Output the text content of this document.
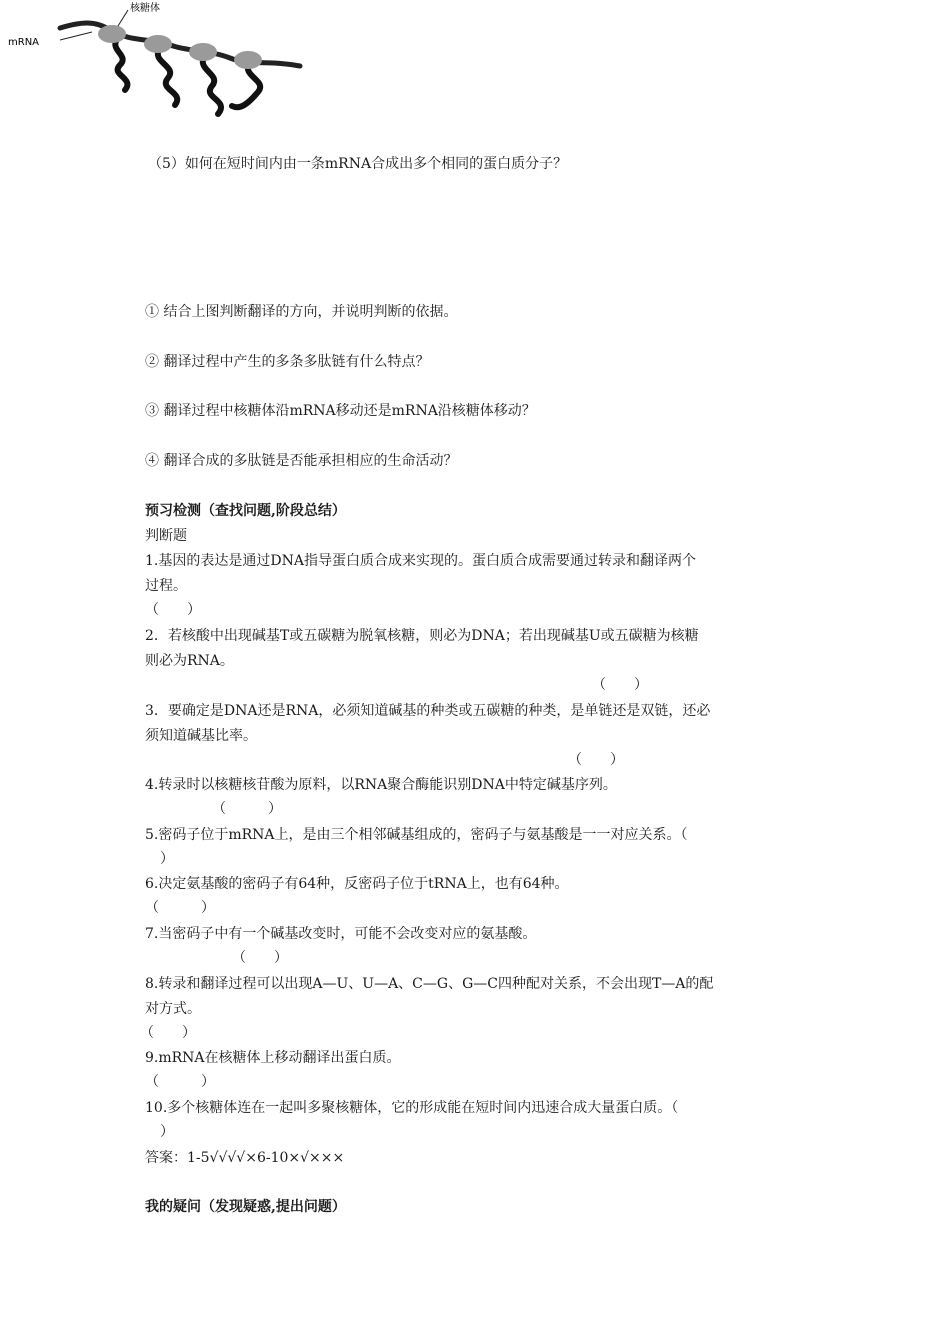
核糖体
mRNA
（5）如何在短时间内由一条mRNA合成出多个相同的蛋白质分子？
① 结合上图判断翻译的方向，并说明判断的依据。
② 翻译过程中产生的多条多肽链有什么特点？
③ 翻译过程中核糖体沿mRNA移动还是mRNA沿核糖体移动？
④ 翻译合成的多肽链是否能承担相应的生命活动？
预习检测（查找问题,阶段总结）
判断题
1.基因的表达是通过DNA指导蛋白质合成来实现的。蛋白质合成需要通过转录和翻译两个
过程。
（　　）
2．若核酸中出现碱基T或五碳糖为脱氧核糖，则必为DNA；若出现碱基U或五碳糖为核糖
则必为RNA。
（　　）
3．要确定是DNA还是RNA，必须知道碱基的种类或五碳糖的种类，是单链还是双链，还必
须知道碱基比率。
（　　）
4.转录时以核糖核苷酸为原料，以RNA聚合酶能识别DNA中特定碱基序列。
（　　　）
5.密码子位于mRNA上，是由三个相邻碱基组成的，密码子与氨基酸是一一对应关系。（
）
6.决定氨基酸的密码子有64种，反密码子位于tRNA上，也有64种。
（　　　）
7.当密码子中有一个碱基改变时，可能不会改变对应的氨基酸。
（　　）
8.转录和翻译过程可以出现A—U、U—A、C—G、G—C四种配对关系，不会出现T—A的配
对方式。
（　　）
9.mRNA在核糖体上移动翻译出蛋白质。
（　　　）
10.多个核糖体连在一起叫多聚核糖体，它的形成能在短时间内迅速合成大量蛋白质。（
）
答案：1-5√√√√×6-10×√×××
我的疑问（发现疑惑,提出问题）
